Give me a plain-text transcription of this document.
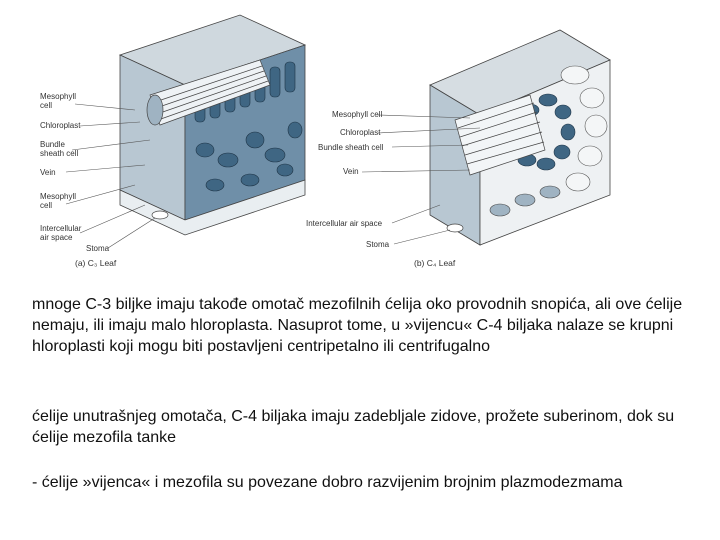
Mesophyll cell
Chloroplast
Bundle sheath cell
Vein
Mesophyll cell
Intercellular air space
Stoma
(a) C₃ Leaf
Mesophyll cell
Chloroplast
Bundle sheath cell
Vein
Intercellular air space
Stoma
(b) C₄ Leaf

mnoge C-3 biljke imaju takođe omotač mezofilnih ćelija oko provodnih snopića, ali ove ćelije nemaju, ili imaju malo hloroplasta. Nasuprot tome, u »vijencu« C-4 biljaka nalaze se krupni hloroplasti koji mogu biti postavljeni centripetalno ili centrifugalno

ćelije unutrašnjeg omotača, C-4 biljaka imaju zadebljale zidove, prožete suberinom, dok su ćelije mezofila tanke

- ćelije »vijenca« i mezofila su povezane dobro razvijenim brojnim plazmodezmama
